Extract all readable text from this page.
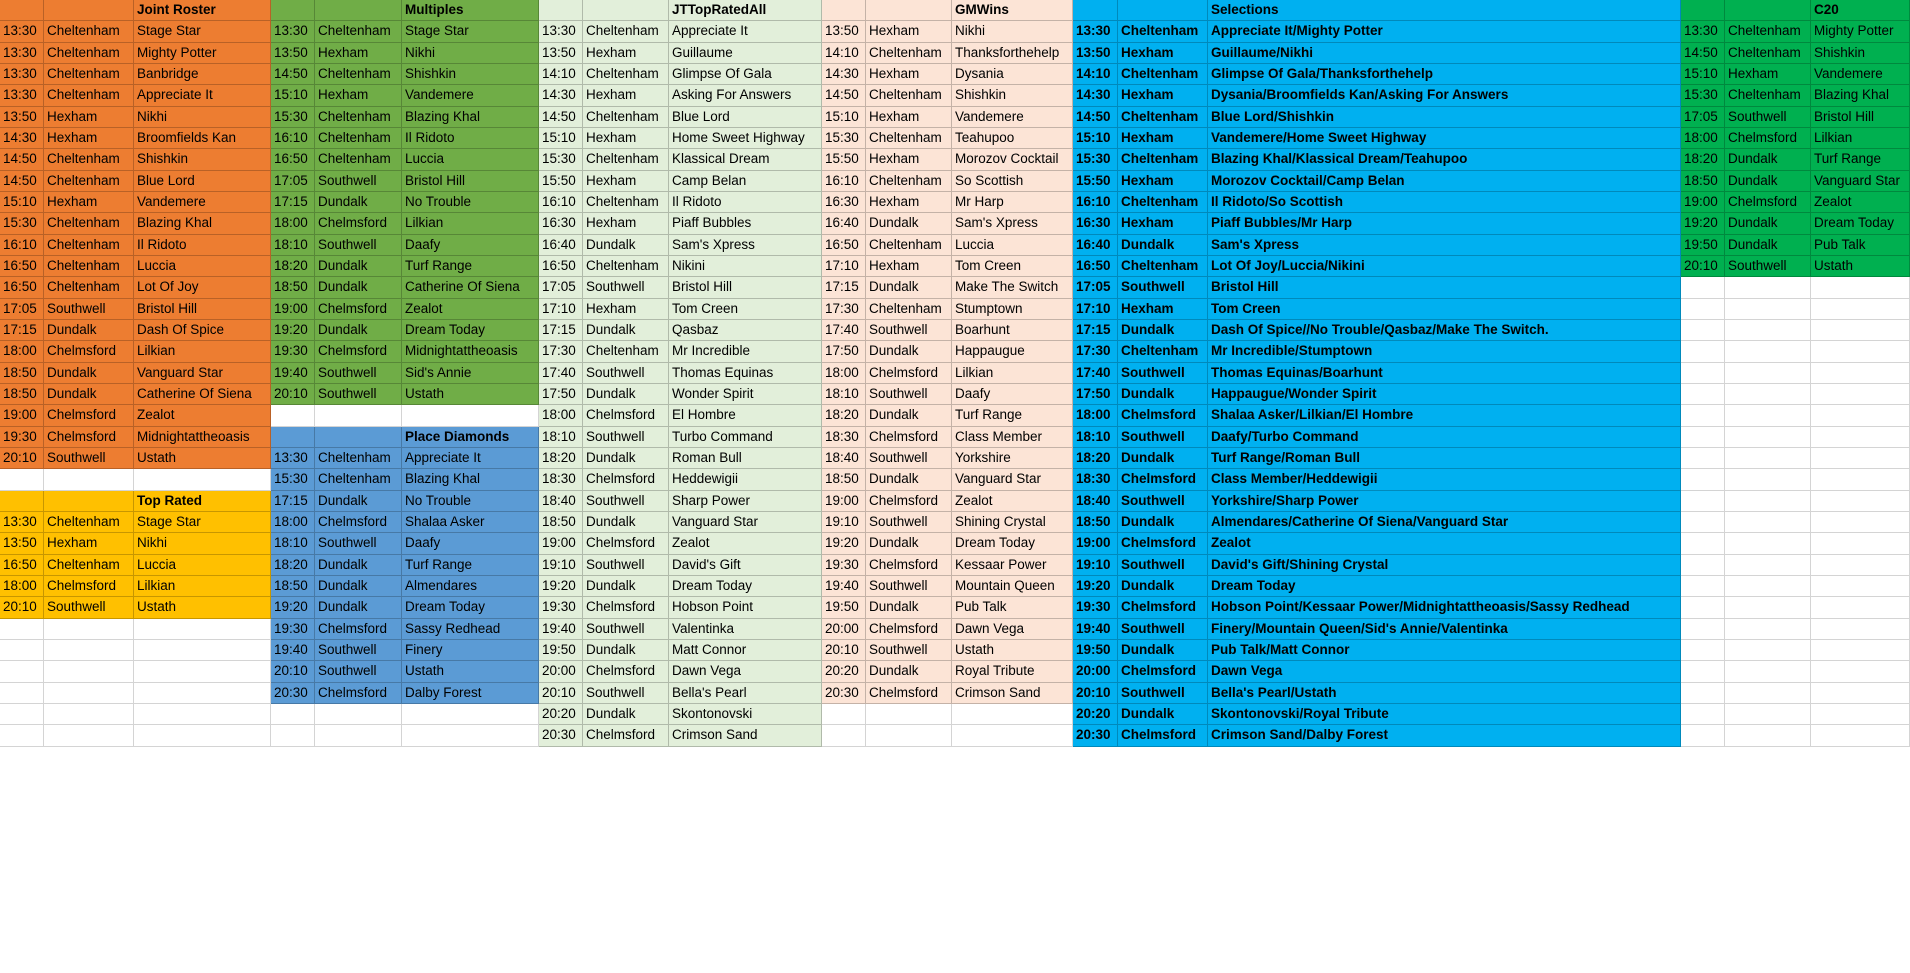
Joint Roster
13:30 Cheltenham	Stage Star
13:30 Cheltenham	Mighty Potter
13:30 Cheltenham	Banbridge
13:30 Cheltenham	Appreciate It
13:50 Hexham	Nikhi
14:30 Hexham	Broomfields Kan
14:50 Cheltenham	Shishkin
14:50 Cheltenham	Blue Lord
15:10 Hexham	Vandemere
15:30 Cheltenham	Blazing Khal
16:10 Cheltenham	Il Ridoto
16:50 Cheltenham	Luccia
16:50 Cheltenham	Lot Of Joy
17:05 Southwell	Bristol Hill
17:15 Dundalk	Dash Of Spice
18:00 Chelmsford	Lilkian
18:50 Dundalk	Vanguard Star
18:50 Dundalk	Catherine Of Siena
19:00 Chelmsford	Zealot
19:30 Chelmsford	Midnightattheoasis
20:10 Southwell	Ustath
Top Rated
13:30 Cheltenham	Stage Star
13:50 Hexham	Nikhi
16:50 Cheltenham	Luccia
18:00 Chelmsford	Lilkian
20:10 Southwell	Ustath
Multiples
13:30 Cheltenham	Stage Star
13:50 Hexham	Nikhi
14:50 Cheltenham	Shishkin
15:10 Hexham	Vandemere
15:30 Cheltenham	Blazing Khal
16:10 Cheltenham	Il Ridoto
16:50 Cheltenham	Luccia
17:05 Southwell	Bristol Hill
17:15 Dundalk	No Trouble
18:00 Chelmsford	Lilkian
18:10 Southwell	Daafy
18:20 Dundalk	Turf Range
18:50 Dundalk	Catherine Of Siena
19:00 Chelmsford	Zealot
19:20 Dundalk	Dream Today
19:30 Chelmsford	Midnightattheoasis
19:40 Southwell	Sid's Annie
20:10 Southwell	Ustath
Place Diamonds
13:30 Cheltenham	Appreciate It
15:30 Cheltenham	Blazing Khal
17:15 Dundalk	No Trouble
18:00 Chelmsford	Shalaa Asker
18:10 Southwell	Daafy
18:20 Dundalk	Turf Range
18:50 Dundalk	Almendares
19:20 Dundalk	Dream Today
19:30 Chelmsford	Sassy Redhead
19:40 Southwell	Finery
20:10 Southwell	Ustath
20:30 Chelmsford	Dalby Forest
JTTopRatedAll
13:30 Cheltenham Appreciate It
13:50 Hexham	Guillaume
14:10 Cheltenham Glimpse Of Gala
14:30 Hexham	Asking For Answers
14:50 Cheltenham Blue Lord
15:10 Hexham	Home Sweet Highway
15:30 Cheltenham Klassical Dream
15:50 Hexham	Camp Belan
16:10 Cheltenham Il Ridoto
16:30 Hexham	Piaff Bubbles
16:40 Dundalk	Sam's Xpress
16:50 Cheltenham Nikini
17:05 Southwell	Bristol Hill
17:10 Hexham	Tom Creen
17:15 Dundalk	Qasbaz
17:30 Cheltenham Mr Incredible
17:40 Southwell	Thomas Equinas
17:50 Dundalk	Wonder Spirit
18:00 Chelmsford	El Hombre
18:10 Southwell	Turbo Command
18:20 Dundalk	Roman Bull
18:30 Chelmsford	Heddewigii
18:40 Southwell	Sharp Power
18:50 Dundalk	Vanguard Star
19:00 Chelmsford	Zealot
19:10 Southwell	David's Gift
19:20 Dundalk	Dream Today
19:30 Chelmsford	Hobson Point
19:40 Southwell	Valentinka
19:50 Dundalk	Matt Connor
20:00 Chelmsford	Dawn Vega
20:10 Southwell	Bella's Pearl
20:20 Dundalk	Skontonovski
20:30 Chelmsford	Crimson Sand
GMWins
13:50 Hexham	Nikhi
14:10 Cheltenham Thanksforthehelp
14:30 Hexham	Dysania
14:50 Cheltenham Shishkin
15:10 Hexham	Vandemere
15:30 Cheltenham Teahupoo
15:50 Hexham	Morozov Cocktail
16:10 Cheltenham So Scottish
16:30 Hexham	Mr Harp
16:40 Dundalk	Sam's Xpress
16:50 Cheltenham Luccia
17:10 Hexham	Tom Creen
17:15 Dundalk	Make The Switch
17:30 Cheltenham Stumptown
17:40 Southwell	Boarhunt
17:50 Dundalk	Happaugue
18:00 Chelmsford	Lilkian
18:10 Southwell	Daafy
18:20 Dundalk	Turf Range
18:30 Chelmsford	Class Member
18:40 Southwell	Yorkshire
18:50 Dundalk	Vanguard Star
19:00 Chelmsford	Zealot
19:10 Southwell	Shining Crystal
19:20 Dundalk	Dream Today
19:30 Chelmsford	Kessaar Power
19:40 Southwell	Mountain Queen
19:50 Dundalk	Pub Talk
20:00 Chelmsford	Dawn Vega
20:10 Southwell	Ustath
20:20 Dundalk	Royal Tribute
20:30 Chelmsford	Crimson Sand
Selections
13:30 Cheltenham Appreciate It/Mighty Potter
13:50 Hexham	Guillaume/Nikhi
14:10 Cheltenham Glimpse Of Gala/Thanksforthehelp
14:30 Hexham	Dysania/Broomfields Kan/Asking For Answers
14:50 Cheltenham Blue Lord/Shishkin
15:10 Hexham	Vandemere/Home Sweet Highway
15:30 Cheltenham Blazing Khal/Klassical Dream/Teahupoo
15:50 Hexham	Morozov Cocktail/Camp Belan
16:10 Cheltenham Il Ridoto/So Scottish
16:30 Hexham	Piaff Bubbles/Mr Harp
16:40 Dundalk	Sam's Xpress
16:50 Cheltenham Lot Of Joy/Luccia/Nikini
17:05 Southwell	Bristol Hill
17:10 Hexham	Tom Creen
17:15 Dundalk	Dash Of Spice//No Trouble/Qasbaz/Make The Switch.
17:30 Cheltenham Mr Incredible/Stumptown
17:40 Southwell	Thomas Equinas/Boarhunt
17:50 Dundalk	Happaugue/Wonder Spirit
18:00 Chelmsford	Shalaa Asker/Lilkian/El Hombre
18:10 Southwell	Daafy/Turbo Command
18:20 Dundalk	Turf Range/Roman Bull
18:30 Chelmsford	Class Member/Heddewigii
18:40 Southwell	Yorkshire/Sharp Power
18:50 Dundalk	Almendares/Catherine Of Siena/Vanguard Star
19:00 Chelmsford	Zealot
19:10 Southwell	David's Gift/Shining Crystal
19:20 Dundalk	Dream Today
19:30 Chelmsford	Hobson Point/Kessaar Power/Midnightattheoasis/Sassy Redhead
19:40 Southwell	Finery/Mountain Queen/Sid's Annie/Valentinka
19:50 Dundalk	Pub Talk/Matt Connor
20:00 Chelmsford	Dawn Vega
20:10 Southwell	Bella's Pearl/Ustath
20:20 Dundalk	Skontonovski/Royal Tribute
20:30 Chelmsford	Crimson Sand/Dalby Forest
C20
13:30 Cheltenham Mighty Potter
14:50 Cheltenham Shishkin
15:10 Hexham	Vandemere
15:30 Cheltenham Blazing Khal
17:05 Southwell	Bristol Hill
18:00 Chelmsford	Lilkian
18:20 Dundalk	Turf Range
18:50 Dundalk	Vanguard Star
19:00 Chelmsford	Zealot
19:20 Dundalk	Dream Today
19:50 Dundalk	Pub Talk
20:10 Southwell	Ustath
